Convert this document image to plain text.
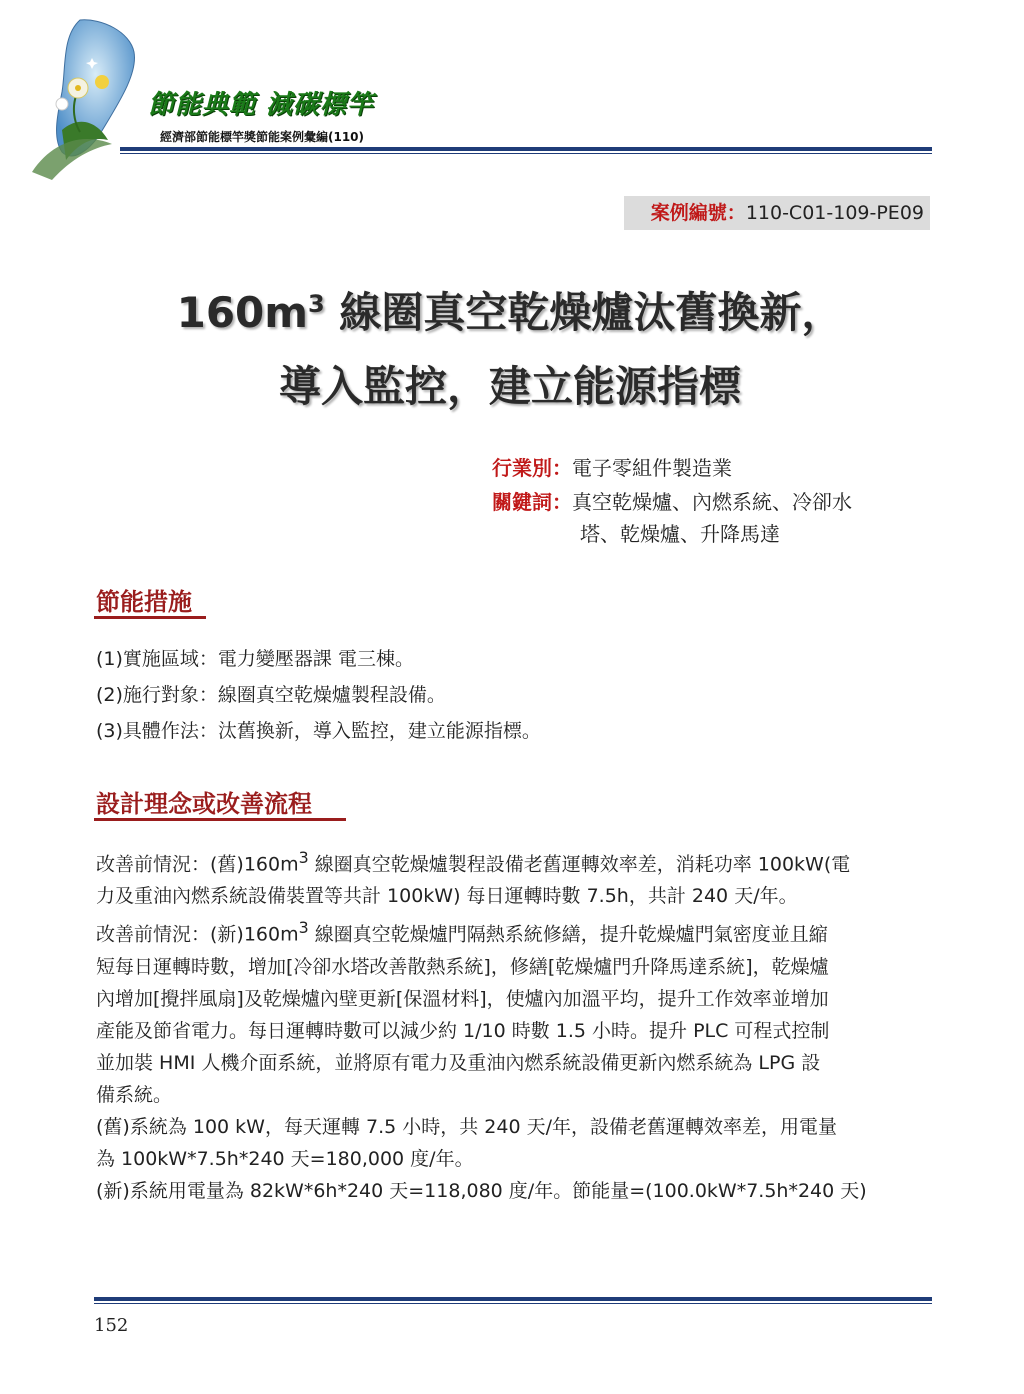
節能典範 減碳標竿
經濟部節能標竿獎節能案例彙編(110)
案例編號：110-C01-109-PE09
$160m^3$ 線圈真空乾燥爐汰舊換新，
導入監控，建立能源指標
行業別：電子零組件製造業
關鍵詞：真空乾燥爐、內燃系統、冷卻水
塔、乾燥爐、升降馬達
節能措施
(1)實施區域：電力變壓器課 電三棟。
(2)施行對象：線圈真空乾燥爐製程設備。
(3)具體作法：汰舊換新，導入監控，建立能源指標。
設計理念或改善流程

改善前情況：(舊)$160m^3$ 線圈真空乾燥爐製程設備老舊運轉效率差，消耗功率 100kW(電

力及重油內燃系統設備裝置等共計 100kW) 每日運轉時數 7.5h，共計 240 天/年。

改善前情況：(新)$160m^3$ 線圈真空乾燥爐門隔熱系統修繕，提升乾燥爐門氣密度並且縮

短每日運轉時數，增加[冷卻水塔改善散熱系統]，修繕[乾燥爐門升降馬達系統]，乾燥爐

內增加[攪拌風扇]及乾燥爐內壁更新[保溫材料]，使爐內加溫平均，提升工作效率並增加

產能及節省電力。每日運轉時數可以減少約 1/10 時數 1.5 小時。提升 PLC 可程式控制

並加裝 HMI 人機介面系統，並將原有電力及重油內燃系統設備更新內燃系統為 LPG 設

備系統。

(舊)系統為 100 kW，每天運轉 7.5 小時，共 240 天/年，設備老舊運轉效率差，用電量

為 100kW*7.5h*240 天=180,000 度/年。

(新)系統用電量為 82kW*6h*240 天=118,080 度/年。節能量=(100.0kW*7.5h*240 天)

152
